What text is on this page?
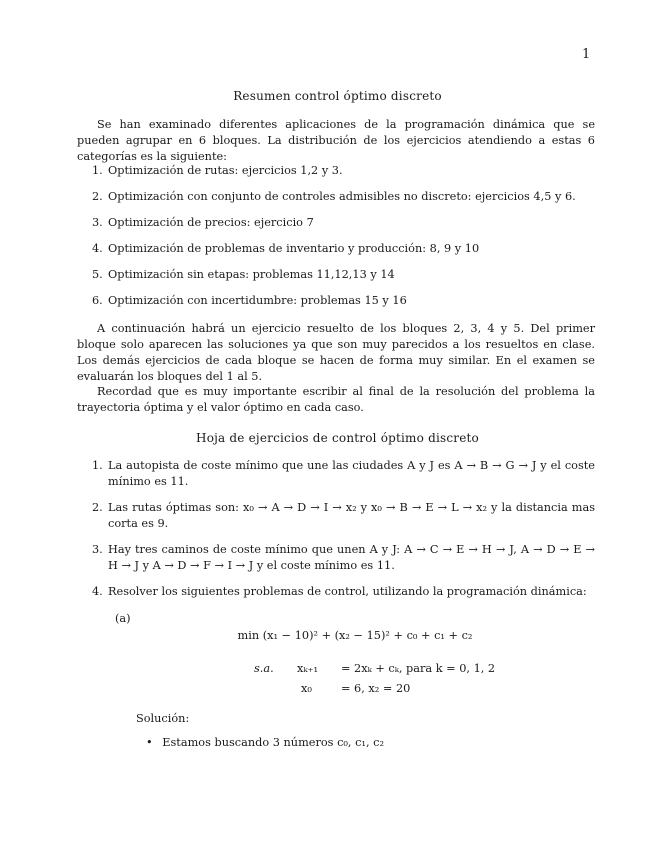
1
Resumen control óptimo discreto
Se han examinado diferentes aplicaciones de la programación dinámica que se pueden agrupar en 6 bloques. La distribución de los ejercicios atendiendo a estas 6 categorías es la siguiente:
1. Optimización de rutas: ejercicios 1,2 y 3.
2. Optimización con conjunto de controles admisibles no discreto: ejercicios 4,5 y 6.
3. Optimización de precios: ejercicio 7
4. Optimización de problemas de inventario y producción: 8, 9 y 10
5. Optimización sin etapas: problemas 11,12,13 y 14
6. Optimización con incertidumbre: problemas 15 y 16
A continuación habrá un ejercicio resuelto de los bloques 2, 3, 4 y 5. Del primer bloque solo aparecen las soluciones ya que son muy parecidos a los resueltos en clase. Los demás ejercicios de cada bloque se hacen de forma muy similar. En el examen se evaluarán los bloques del 1 al 5.
Recordad que es muy importante escribir al final de la resolución del problema la trayectoria óptima y el valor óptimo en cada caso.
Hoja de ejercicios de control óptimo discreto
1. La autopista de coste mínimo que une las ciudades A y J es A → B → G → J y el coste mínimo es 11.
2. Las rutas óptimas son: x₀ → A → D → I → x₂ y x₀ → B → E → L → x₂ y la distancia mas corta es 9.
3. Hay tres caminos de coste mínimo que unen A y J: A → C → E → H → J, A → D → E → H → J y A → D → F → I → J y el coste mínimo es 11.
4. Resolver los siguientes problemas de control, utilizando la programación dinámica:
(a)
min (x₁ − 10)² + (x₂ − 15)² + c₀ + c₁ + c₂
s.a. xₖ₊₁ = 2xₖ + cₖ, para k = 0, 1, 2
x₀	= 6, x₂ = 20
Solución:
• Estamos buscando 3 números c₀, c₁, c₂
